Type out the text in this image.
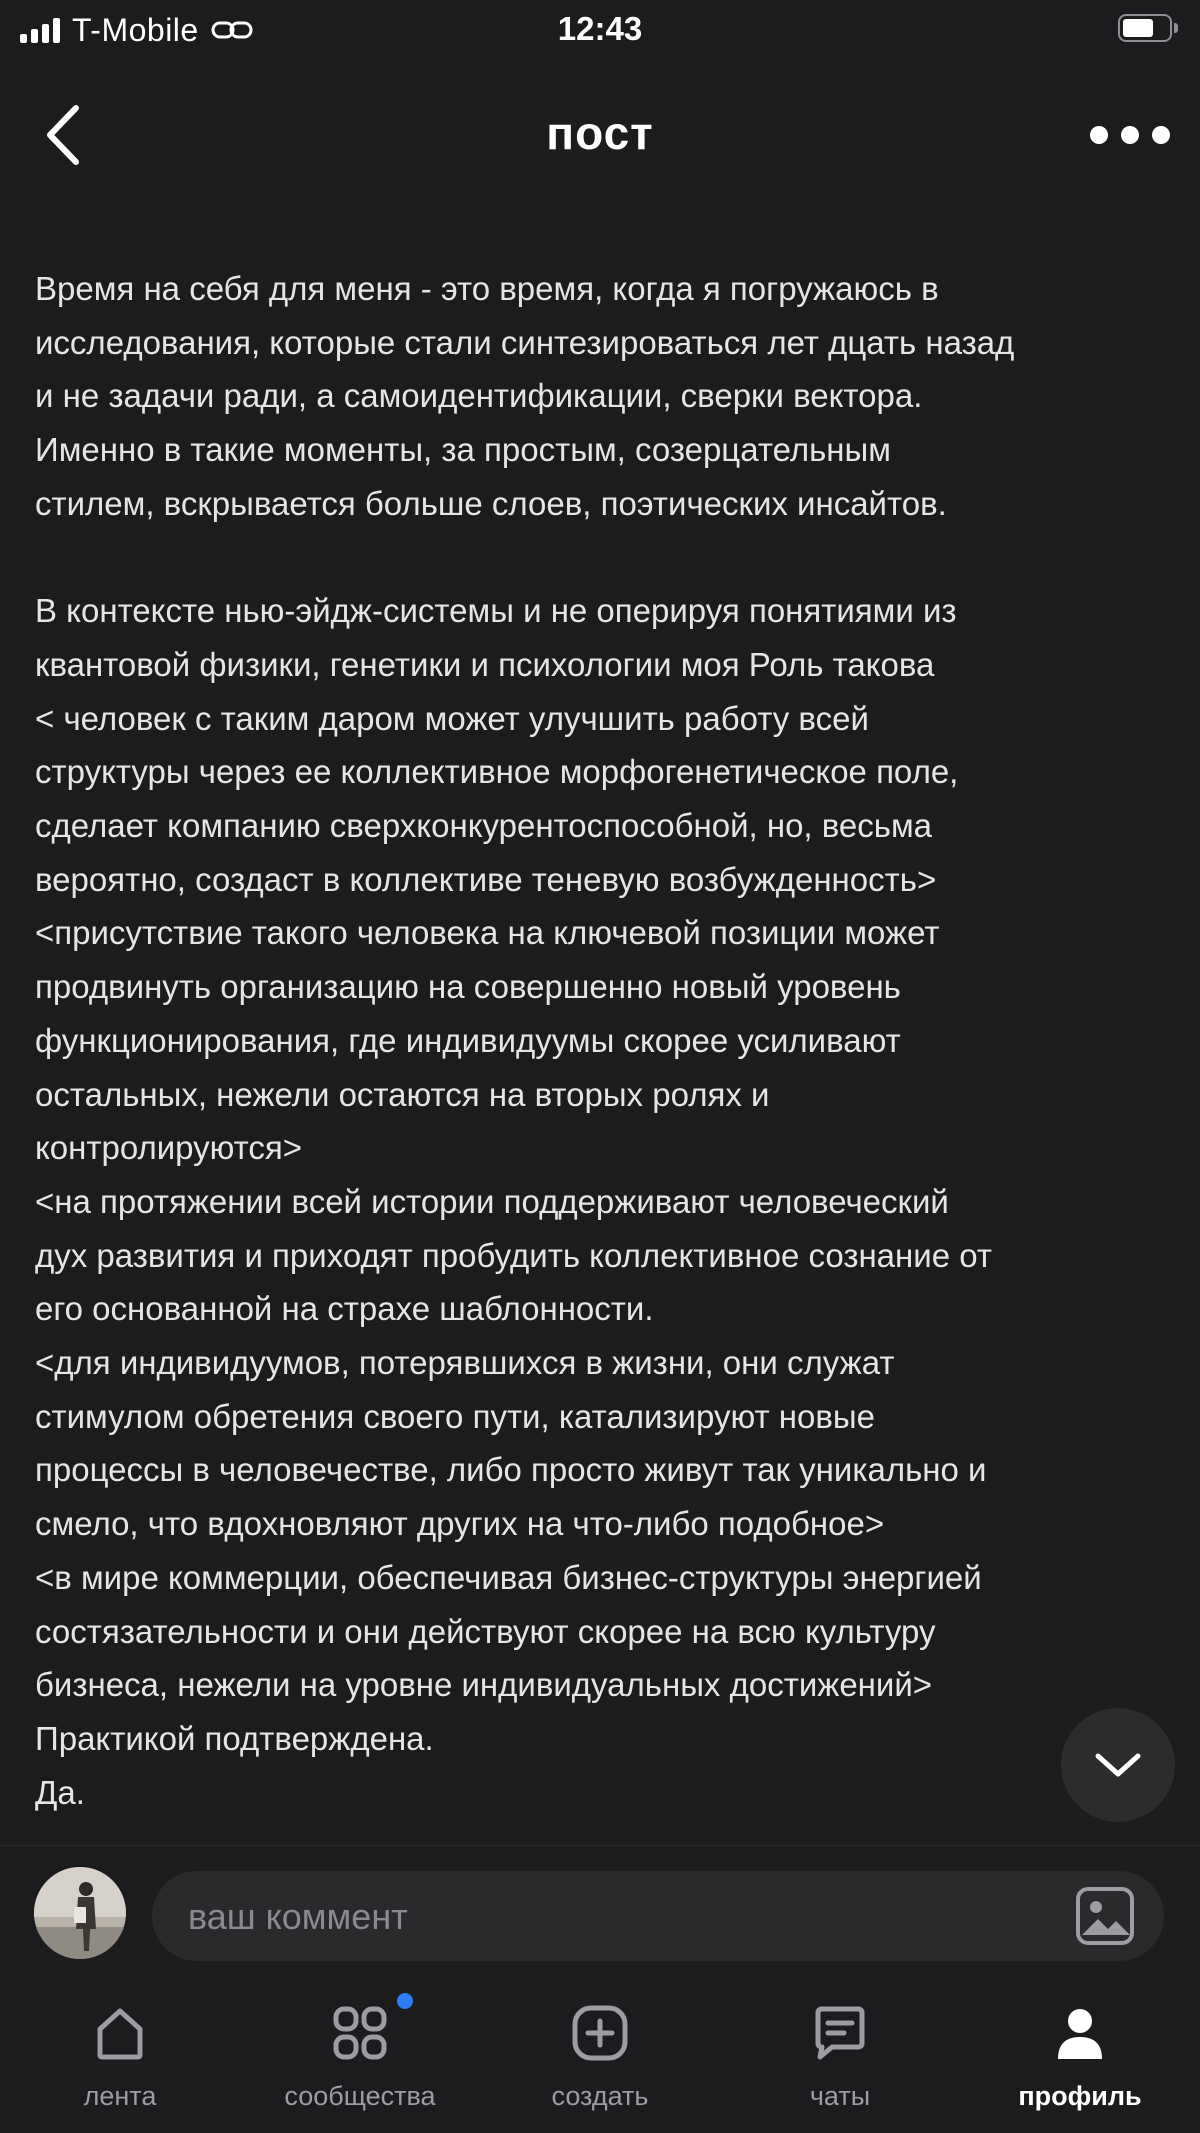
T-Mobile	12:43
пост

Время на себя для меня - это время, когда я погружаюсь в
исследования, которые стали синтезироваться лет дцать назад
и не задачи ради, а самоидентификации, сверки вектора.
Именно в такие моменты, за простым, созерцательным
стилем, вскрывается больше слоев, поэтических инсайтов.

В контексте нью-эйдж-системы и не оперируя понятиями из
квантовой физики, генетики и психологии моя Роль такова
< человек с таким даром может улучшить работу всей
структуры через ее коллективное морфогенетическое поле,
сделает компанию сверхконкурентоспособной, но, весьма
вероятно, создаст в коллективе теневую возбужденность>
<присутствие такого человека на ключевой позиции может
продвинуть организацию на совершенно новый уровень
функционирования, где индивидуумы скорее усиливают
остальных, нежели остаются на вторых ролях и
контролируются>
<на протяжении всей истории поддерживают человеческий
дух развития и приходят пробудить коллективное сознание от
его основанной на страхе шаблонности.
<для индивидуумов, потерявшихся в жизни, они служат
стимулом обретения своего пути, катализируют новые
процессы в человечестве, либо просто живут так уникально и
смело, что вдохновляют других на что-либо подобное>
<в мире коммерции, обеспечивая бизнес-структуры энергией
состязательности и они действуют скорее на всю культуру
бизнеса, нежели на уровне индивидуальных достижений>
Практикой подтверждена.
Да.

ваш коммент
лента	сообщества	создать	чаты	профиль
